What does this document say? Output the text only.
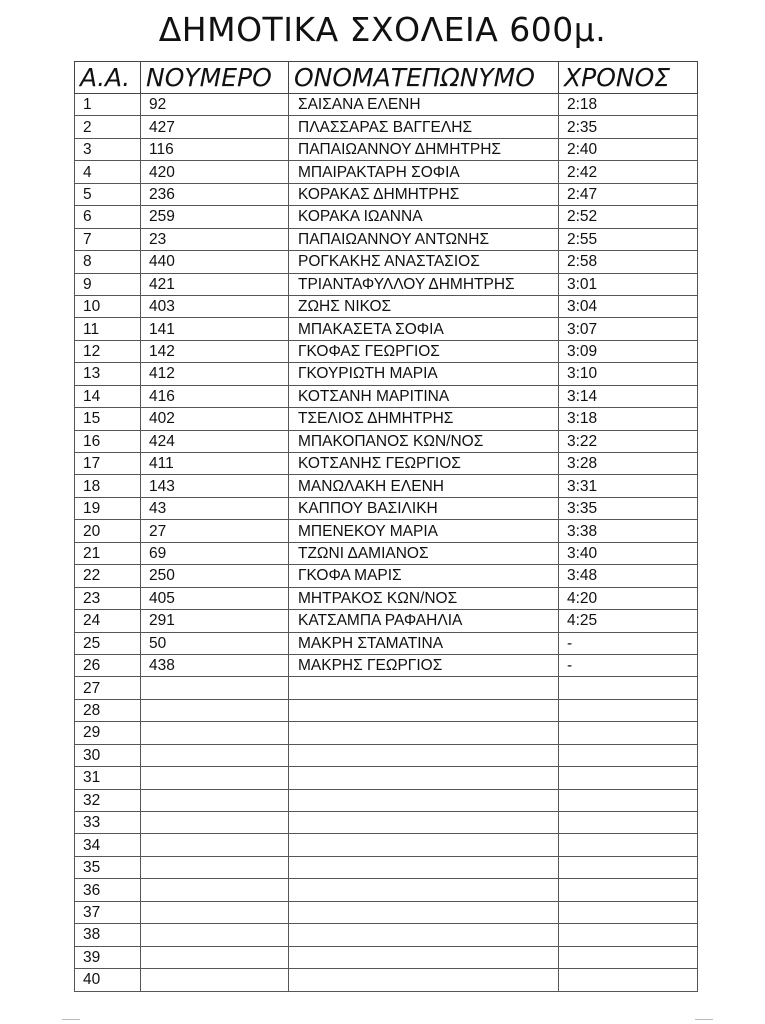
ΔΗΜΟΤΙΚΑ ΣΧΟΛΕΙΑ 600μ.
Α.Α.	ΝΟΥΜΕΡΟ	ΟΝΟΜΑΤΕΠΩΝΥΜΟ	ΧΡΟΝΟΣ
1	92	ΣΑΙΣΑΝΑ ΕΛΕΝΗ	2:18
2	427	ΠΛΑΣΣΑΡΑΣ ΒΑΓΓΕΛΗΣ	2:35
3	116	ΠΑΠΑΙΩΑΝΝΟΥ ΔΗΜΗΤΡΗΣ	2:40
4	420	ΜΠΑΙΡΑΚΤΑΡΗ ΣΟΦΙΑ	2:42
5	236	ΚΟΡΑΚΑΣ ΔΗΜΗΤΡΗΣ	2:47
6	259	ΚΟΡΑΚΑ ΙΩΑΝΝΑ	2:52
7	23	ΠΑΠΑΙΩΑΝΝΟΥ ΑΝΤΩΝΗΣ	2:55
8	440	ΡΟΓΚΑΚΗΣ ΑΝΑΣΤΑΣΙΟΣ	2:58
9	421	ΤΡΙΑΝΤΑΦΥΛΛΟΥ ΔΗΜΗΤΡΗΣ	3:01
10	403	ΖΩΗΣ ΝΙΚΟΣ	3:04
11	141	ΜΠΑΚΑΣΕΤΑ ΣΟΦΙΑ	3:07
12	142	ΓΚΟΦΑΣ ΓΕΩΡΓΙΟΣ	3:09
13	412	ΓΚΟΥΡΙΩΤΗ ΜΑΡΙΑ	3:10
14	416	ΚΟΤΣΑΝΗ ΜΑΡΙΤΙΝΑ	3:14
15	402	ΤΣΕΛΙΟΣ ΔΗΜΗΤΡΗΣ	3:18
16	424	ΜΠΑΚΟΠΑΝΟΣ ΚΩΝ/ΝΟΣ	3:22
17	411	ΚΟΤΣΑΝΗΣ ΓΕΩΡΓΙΟΣ	3:28
18	143	ΜΑΝΩΛΑΚΗ ΕΛΕΝΗ	3:31
19	43	ΚΑΠΠΟΥ ΒΑΣΙΛΙΚΗ	3:35
20	27	ΜΠΕΝΕΚΟΥ ΜΑΡΙΑ	3:38
21	69	ΤΖΩΝΙ ΔΑΜΙΑΝΟΣ	3:40
22	250	ΓΚΟΦΑ ΜΑΡΙΣ	3:48
23	405	ΜΗΤΡΑΚΟΣ ΚΩΝ/ΝΟΣ	4:20
24	291	ΚΑΤΣΑΜΠΑ ΡΑΦΑΗΛΙΑ	4:25
25	50	ΜΑΚΡΗ ΣΤΑΜΑΤΙΝΑ	-
26	438	ΜΑΚΡΗΣ ΓΕΩΡΓΙΟΣ	-
27			
28			
29			
30			
31			
32			
33			
34			
35			
36			
37			
38			
39			
40			
